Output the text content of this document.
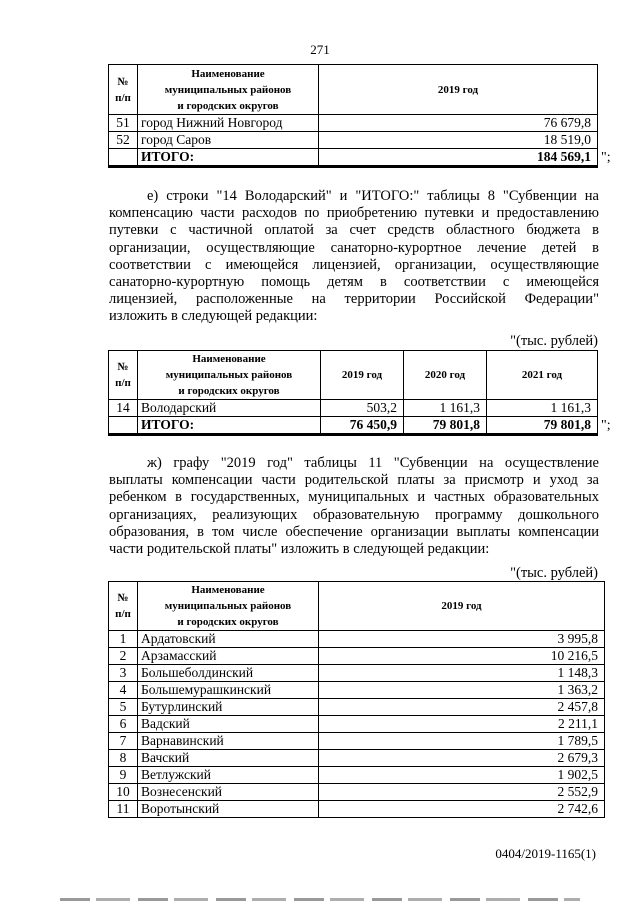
271
№
п/п	Наименование
муниципальных районов
и городских округов	2019 год
51	город Нижний Новгород	76 679,8
52	город Саров	18 519,0
	ИТОГО:	184 569,1 ";
е) строки "14 Володарский" и "ИТОГО:" таблицы 8 "Субвенции на
компенсацию части расходов по приобретению путевки и предоставлению
путевки с частичной оплатой за счет средств областного бюджета в
организации, осуществляющие санаторно-курортное лечение детей в
соответствии с имеющейся лицензией, организации, осуществляющие
санаторно-курортную помощь детям в соответствии с имеющейся
лицензией, расположенные на территории Российской Федерации"
изложить в следующей редакции:
"(тыс. рублей)
№
п/п	Наименование
муниципальных районов
и городских округов	2019 год	2020 год	2021 год
14	Володарский	503,2	1 161,3	1 161,3
	ИТОГО:	76 450,9	79 801,8	79 801,8 ";
ж) графу "2019 год" таблицы 11 "Субвенции на осуществление
выплаты компенсации части родительской платы за присмотр и уход за
ребенком в государственных, муниципальных и частных образовательных
организациях, реализующих образовательную программу дошкольного
образования, в том числе обеспечение организации выплаты компенсации
части родительской платы" изложить в следующей редакции:
"(тыс. рублей)
№
п/п	Наименование
муниципальных районов
и городских округов	2019 год
1	Ардатовский	3 995,8
2	Арзамасский	10 216,5
3	Большеболдинский	1 148,3
4	Большемурашкинский	1 363,2
5	Бутурлинский	2 457,8
6	Вадский	2 211,1
7	Варнавинский	1 789,5
8	Вачский	2 679,3
9	Ветлужский	1 902,5
10	Вознесенский	2 552,9
11	Воротынский	2 742,6
0404/2019-1165(1)
